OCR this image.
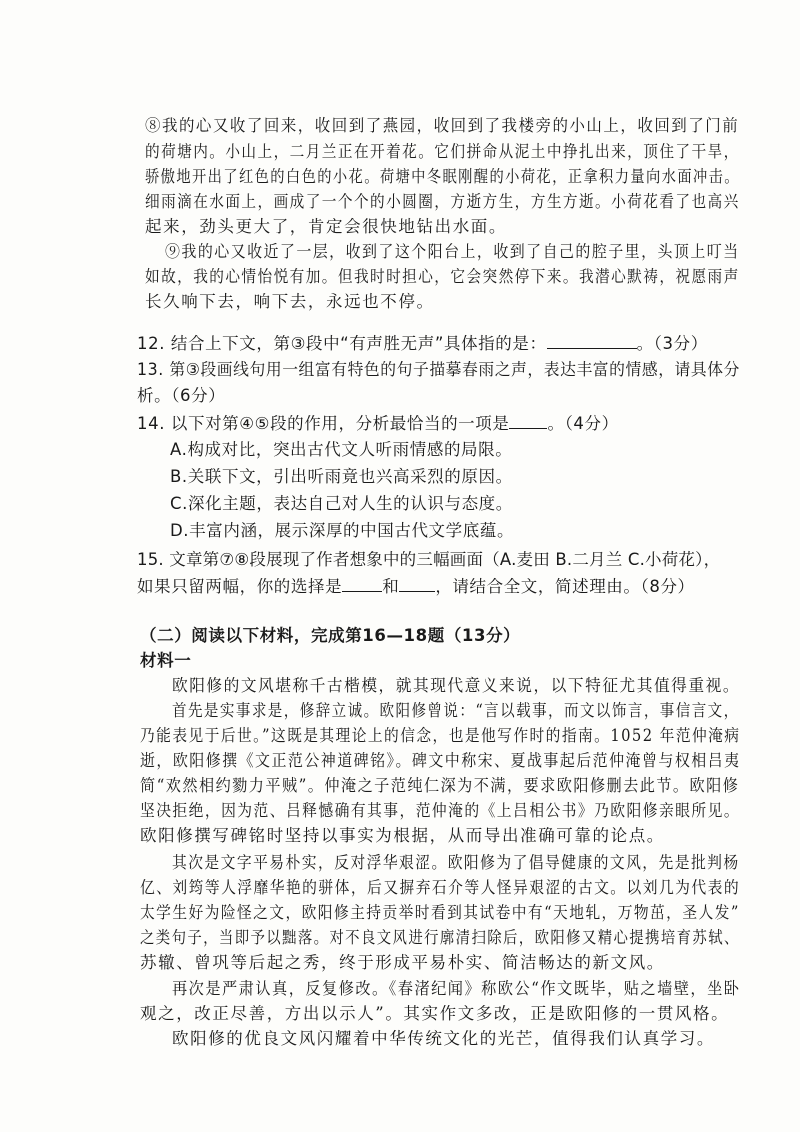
⑧我的心又收了回来，收回到了燕园，收回到了我楼旁的小山上，收回到了门前
的荷塘内。小山上，二月兰正在开着花。它们拼命从泥土中挣扎出来，顶住了干旱，
骄傲地开出了红色的白色的小花。荷塘中冬眠刚醒的小荷花，正拿积力量向水面冲击。
细雨滴在水面上，画成了一个个的小圆圈，方逝方生，方生方逝。小荷花看了也高兴
起来，劲头更大了，肯定会很快地钻出水面。
⑨我的心又收近了一层，收到了这个阳台上，收到了自己的腔子里，头顶上叮当
如故，我的心情怡悦有加。但我时时担心，它会突然停下来。我潜心默祷，祝愿雨声
长久响下去，响下去，永远也不停。
12. 结合上下文，第③段中“有声胜无声”具体指的是：	。（3分）
13. 第③段画线句用一组富有特色的句子描摹春雨之声，表达丰富的情感，请具体分
析。（6分）
14. 以下对第④⑤段的作用，分析最恰当的一项是 。（4分）
A.构成对比，突出古代文人听雨情感的局限。
B.关联下文，引出听雨竟也兴高采烈的原因。
C.深化主题，表达自己对人生的认识与态度。
D.丰富内涵，展示深厚的中国古代文学底蕴。
15. 文章第⑦⑧段展现了作者想象中的三幅画面（A.麦田 B.二月兰 C.小荷花），
如果只留两幅，你的选择是 和 ，请结合全文，简述理由。（8分）
（二）阅读以下材料，完成第16—18题（13分）
材料一
欧阳修的文风堪称千古楷模，就其现代意义来说，以下特征尤其值得重视。
首先是实事求是，修辞立诚。欧阳修曾说：“言以载事，而文以饰言，事信言文，
乃能表见于后世。”这既是其理论上的信念，也是他写作时的指南。1052 年范仲淹病
逝，欧阳修撰《文正范公神道碑铭》。碑文中称宋、夏战事起后范仲淹曾与权相吕夷
简“欢然相约勠力平贼”。仲淹之子范纯仁深为不满，要求欧阳修删去此节。欧阳修
坚决拒绝，因为范、吕释憾确有其事，范仲淹的《上吕相公书》乃欧阳修亲眼所见。
欧阳修撰写碑铭时坚持以事实为根据，从而导出准确可靠的论点。
其次是文字平易朴实，反对浮华艰涩。欧阳修为了倡导健康的文风，先是批判杨
亿、刘筠等人浮靡华艳的骈体，后又摒弃石介等人怪异艰涩的古文。以刘几为代表的
太学生好为险怪之文，欧阳修主持贡举时看到其试卷中有“天地轧，万物茁，圣人发”
之类句子，当即予以黜落。对不良文风进行廓清扫除后，欧阳修又精心提携培育苏轼、
苏辙、曾巩等后起之秀，终于形成平易朴实、简洁畅达的新文风。
再次是严肃认真，反复修改。《春渚纪闻》称欧公“作文既毕，贴之墙壁，坐卧
观之，改正尽善，方出以示人”。其实作文多改，正是欧阳修的一贯风格。
欧阳修的优良文风闪耀着中华传统文化的光芒，值得我们认真学习。
